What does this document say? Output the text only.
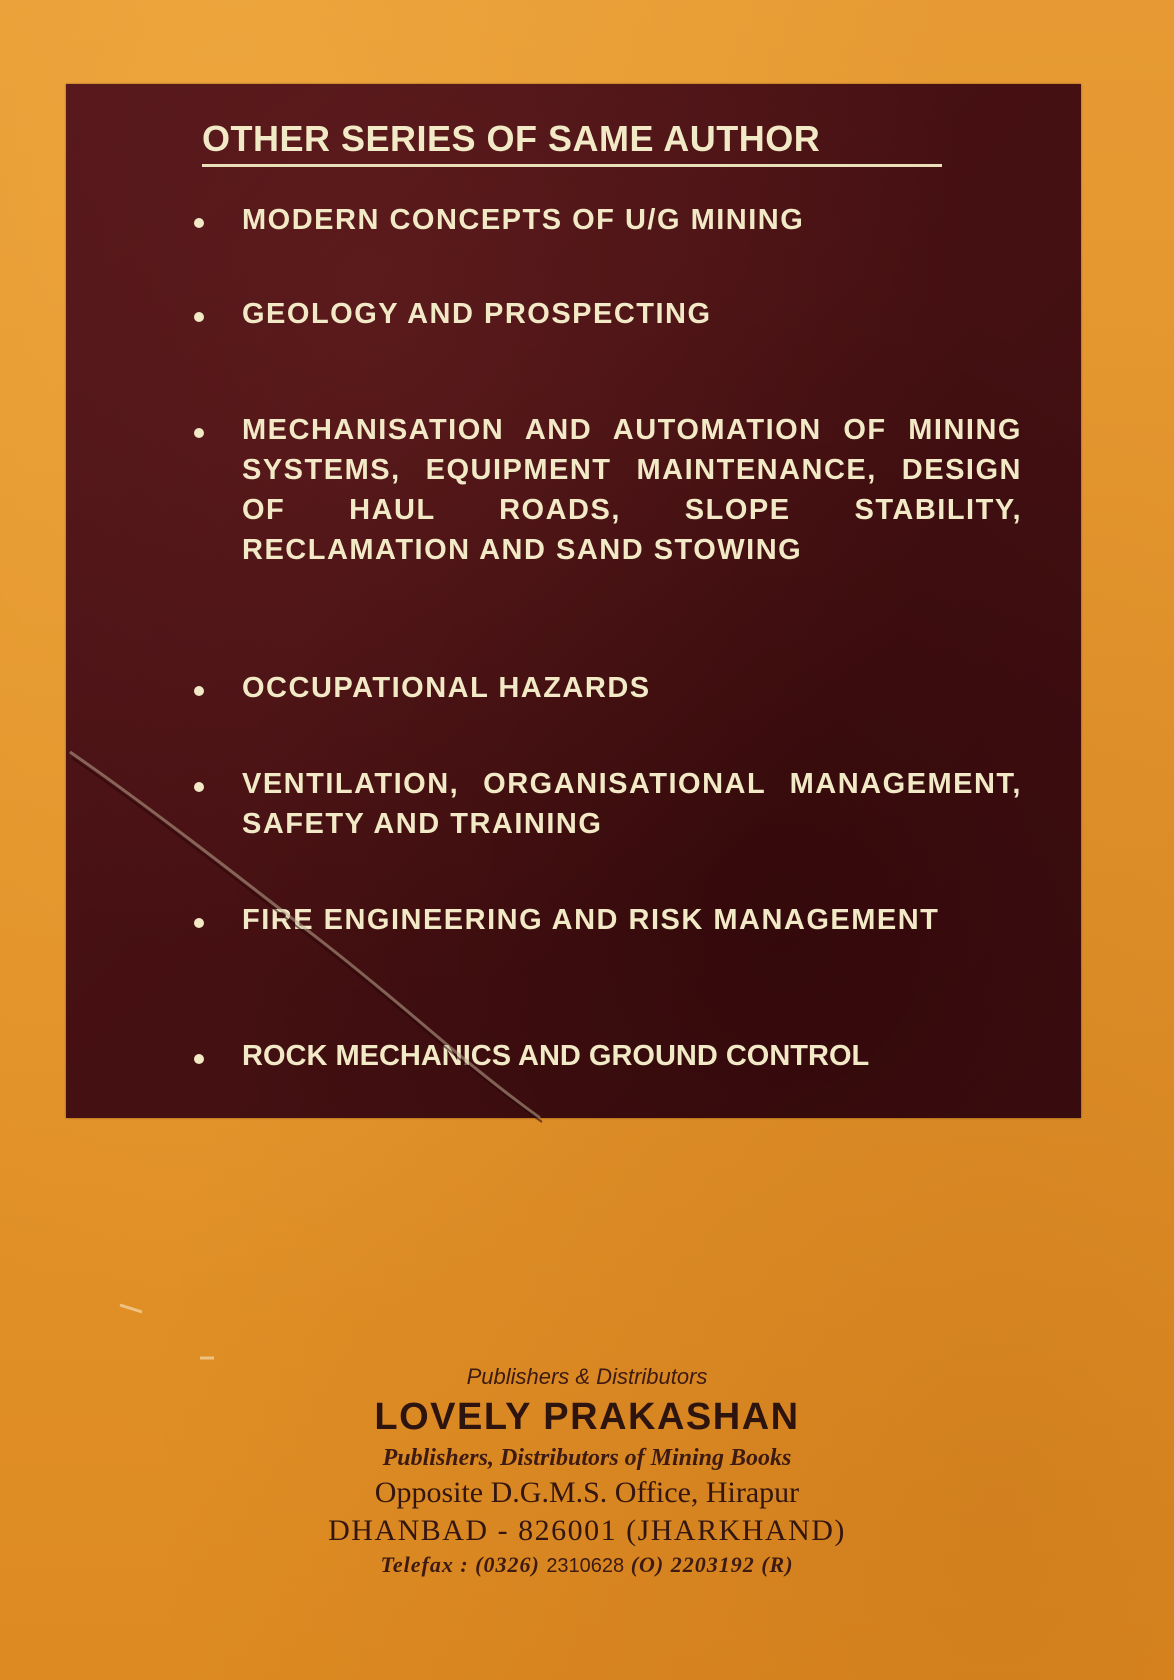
OTHER SERIES OF SAME AUTHOR
MODERN CONCEPTS OF U/G MINING
GEOLOGY AND PROSPECTING
MECHANISATION AND AUTOMATION OF MINING SYSTEMS, EQUIPMENT MAINTENANCE, DESIGN OF HAUL ROADS, SLOPE STABILITY, RECLAMATION AND SAND STOWING
OCCUPATIONAL HAZARDS
VENTILATION, ORGANISATIONAL MANAGEMENT, SAFETY AND TRAINING
FIRE ENGINEERING AND RISK MANAGEMENT
ROCK MECHANICS AND GROUND CONTROL
Publishers & Distributors
LOVELY PRAKASHAN
Publishers, Distributors of Mining Books
Opposite D.G.M.S. Office, Hirapur
DHANBAD - 826001 (JHARKHAND)
Telefax : (0326) 2310628 (O) 2203192 (R)
